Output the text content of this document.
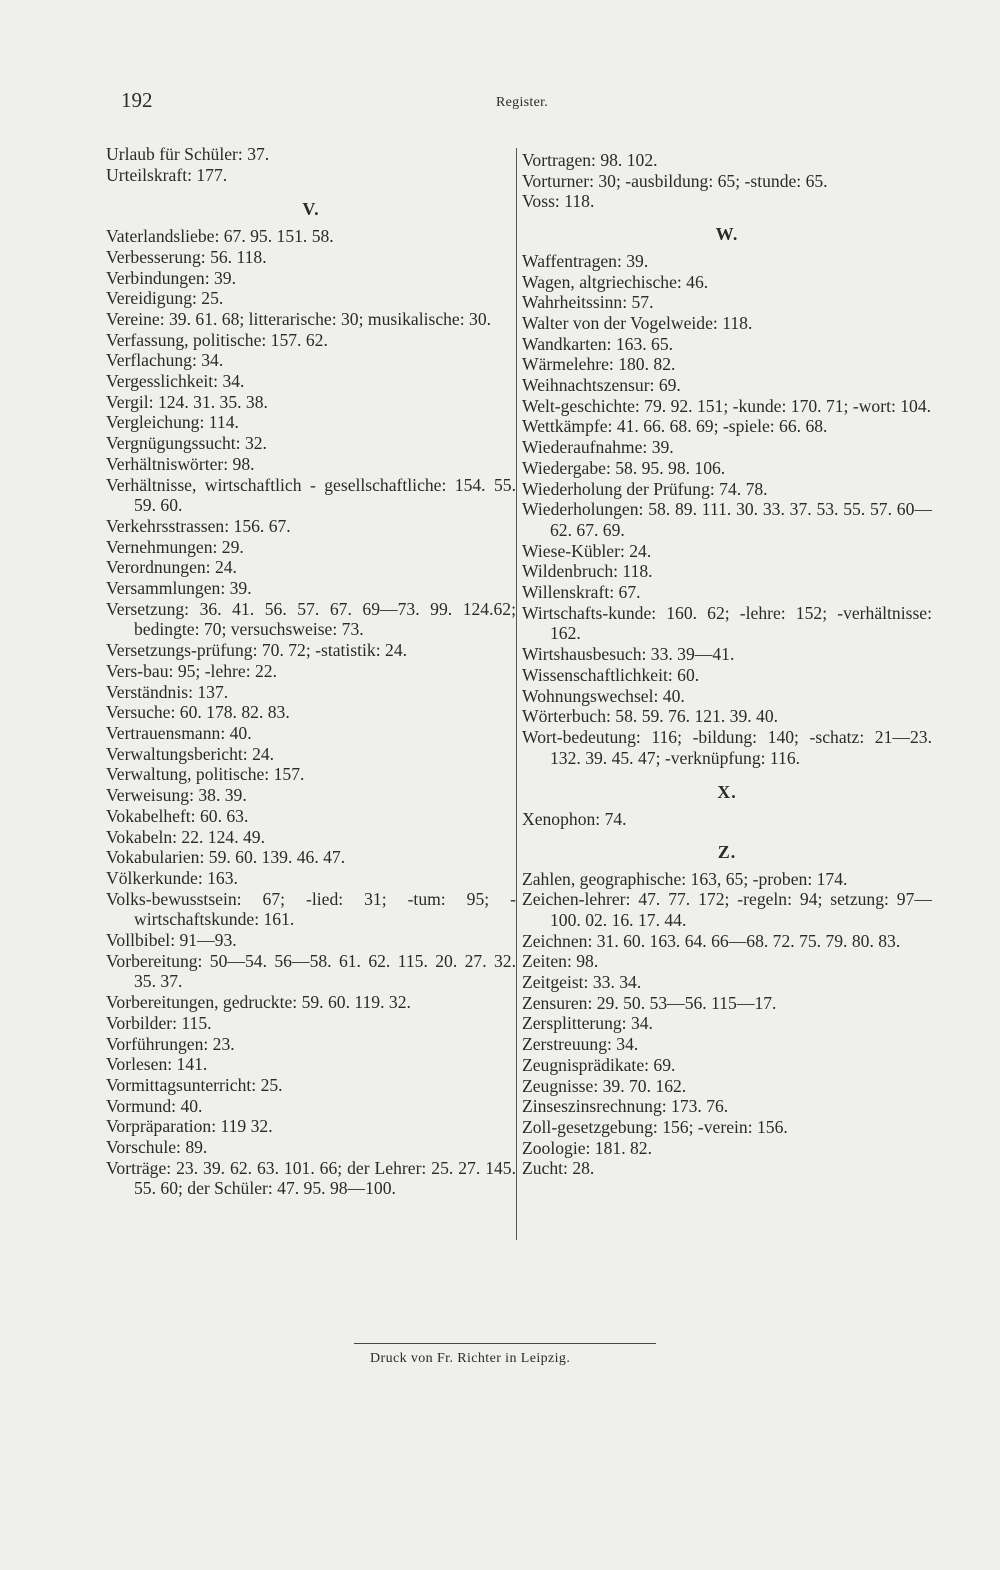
192	Register.
Urlaub für Schüler: 37.
Urteilskraft: 177.
V.
Vaterlandsliebe: 67. 95. 151. 58.
Verbesserung: 56. 118.
Verbindungen: 39.
Vereidigung: 25.
Vereine: 39. 61. 68; litterarische: 30; musikalische: 30.
Verfassung, politische: 157. 62.
Verflachung: 34.
Vergesslichkeit: 34.
Vergil: 124. 31. 35. 38.
Vergleichung: 114.
Vergnügungssucht: 32.
Verhältniswörter: 98.
Verhältnisse, wirtschaftlich - gesellschaftliche: 154. 55. 59. 60.
Verkehrsstrassen: 156. 67.
Vernehmungen: 29.
Verordnungen: 24.
Versammlungen: 39.
Versetzung: 36. 41. 56. 57. 67. 69—73. 99. 124.62; bedingte: 70; versuchsweise: 73.
Versetzungs-prüfung: 70. 72; -statistik: 24.
Vers-bau: 95; -lehre: 22.
Verständnis: 137.
Versuche: 60. 178. 82. 83.
Vertrauensmann: 40.
Verwaltungsbericht: 24.
Verwaltung, politische: 157.
Verweisung: 38. 39.
Vokabelheft: 60. 63.
Vokabeln: 22. 124. 49.
Vokabularien: 59. 60. 139. 46. 47.
Völkerkunde: 163.
Volks-bewusstsein: 67; -lied: 31; -tum: 95; -wirtschaftskunde: 161.
Vollbibel: 91—93.
Vorbereitung: 50—54. 56—58. 61. 62. 115. 20. 27. 32. 35. 37.
Vorbereitungen, gedruckte: 59. 60. 119. 32.
Vorbilder: 115.
Vorführungen: 23.
Vorlesen: 141.
Vormittagsunterricht: 25.
Vormund: 40.
Vorpräparation: 119 32.
Vorschule: 89.
Vorträge: 23. 39. 62. 63. 101. 66; der Lehrer: 25. 27. 145. 55. 60; der Schüler: 47. 95. 98—100.
Vortragen: 98. 102.
Vorturner: 30; -ausbildung: 65; -stunde: 65.
Voss: 118.
W.
Waffentragen: 39.
Wagen, altgriechische: 46.
Wahrheitssinn: 57.
Walter von der Vogelweide: 118.
Wandkarten: 163. 65.
Wärmelehre: 180. 82.
Weihnachtszensur: 69.
Welt-geschichte: 79. 92. 151; -kunde: 170. 71; -wort: 104.
Wettkämpfe: 41. 66. 68. 69; -spiele: 66. 68.
Wiederaufnahme: 39.
Wiedergabe: 58. 95. 98. 106.
Wiederholung der Prüfung: 74. 78.
Wiederholungen: 58. 89. 111. 30. 33. 37. 53. 55. 57. 60—62. 67. 69.
Wiese-Kübler: 24.
Wildenbruch: 118.
Willenskraft: 67.
Wirtschafts-kunde: 160. 62; -lehre: 152; -verhältnisse: 162.
Wirtshausbesuch: 33. 39—41.
Wissenschaftlichkeit: 60.
Wohnungswechsel: 40.
Wörterbuch: 58. 59. 76. 121. 39. 40.
Wort-bedeutung: 116; -bildung: 140; -schatz: 21—23. 132. 39. 45. 47; -verknüpfung: 116.
X.
Xenophon: 74.
Z.
Zahlen, geographische: 163, 65; -proben: 174.
Zeichen-lehrer: 47. 77. 172; -regeln: 94; setzung: 97—100. 02. 16. 17. 44.
Zeichnen: 31. 60. 163. 64. 66—68. 72. 75. 79. 80. 83.
Zeiten: 98.
Zeitgeist: 33. 34.
Zensuren: 29. 50. 53—56. 115—17.
Zersplitterung: 34.
Zerstreuung: 34.
Zeugnisprädikate: 69.
Zeugnisse: 39. 70. 162.
Zinseszinsrechnung: 173. 76.
Zoll-gesetzgebung: 156; -verein: 156.
Zoologie: 181. 82.
Zucht: 28.
Druck von Fr. Richter in Leipzig.
